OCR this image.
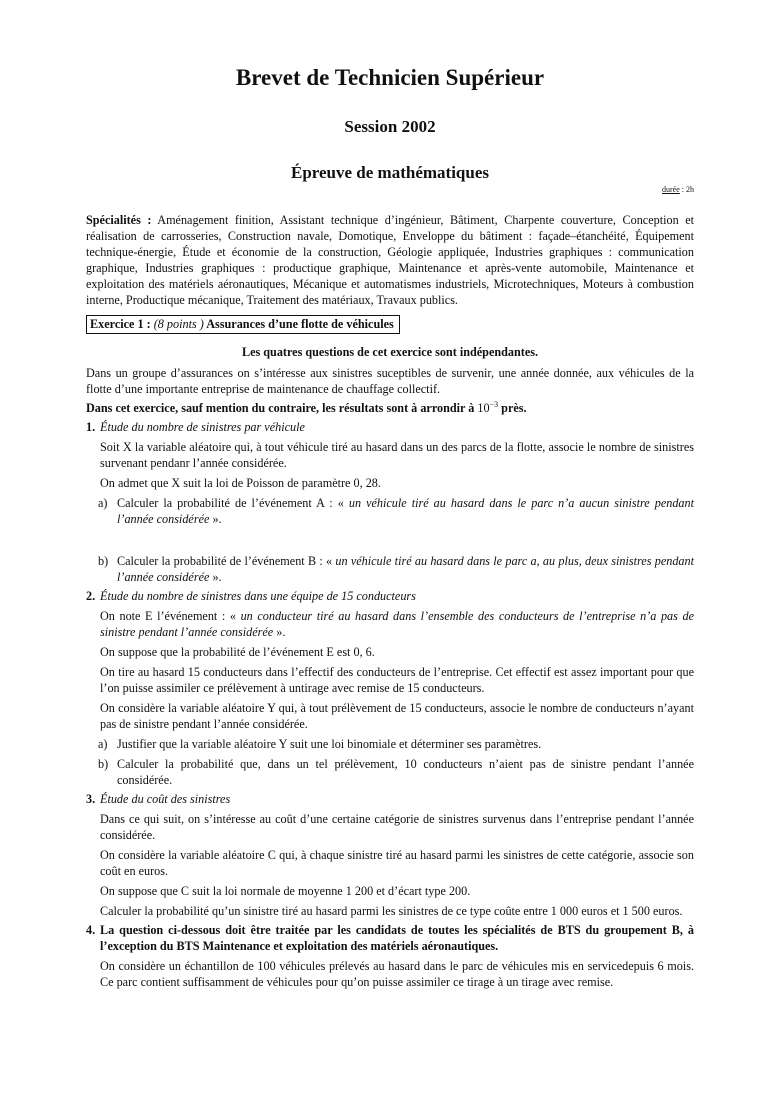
Brevet de Technicien Supérieur
Session 2002
Épreuve de mathématiques
durée : 2h

Spécialités : Aménagement finition, Assistant technique d’ingénieur, Bâtiment, Charpente couverture, Conception et réalisation de carrosseries, Construction navale, Domotique, Enveloppe du bâtiment : façade–étanchéité, Équipement technique-énergie, Étude et économie de la construction, Géologie appliquée, Industries graphiques : communication graphique, Industries graphiques : productique graphique, Maintenance et après-vente automobile, Maintenance et exploitation des matériels aéronautiques, Mécanique et automatismes industriels, Microtechniques, Moteurs à combustion interne, Productique mécanique, Traitement des matériaux, Travaux publics.

Exercice 1 : (8 points ) Assurances d’une flotte de véhicules

Les quatres questions de cet exercice sont indépendantes.

Dans un groupe d’assurances on s’intéresse aux sinistres suceptibles de survenir, une année donnée, aux véhicules de la flotte d’une importante entreprise de maintenance de chauffage collectif.

Dans cet exercice, sauf mention du contraire, les résultats sont à arrondir à $10^{-3}$ près.

1. Étude du nombre de sinistres par véhicule

Soit X la variable aléatoire qui, à tout véhicule tiré au hasard dans un des parcs de la flotte, associe le nombre de sinistres survenant pendanr l’année considérée.

On admet que X suit la loi de Poisson de paramètre 0, 28.

a) Calculer la probabilité de l’événement A : « un véhicule tiré au hasard dans le parc n’a aucun sinistre pendant l’année considérée ».

b) Calculer la probabilité de l’événement B : « un véhicule tiré au hasard dans le parc a, au plus, deux sinistres pendant l’année considérée ».

2. Étude du nombre de sinistres dans une équipe de 15 conducteurs

On note E l’événement : « un conducteur tiré au hasard dans l’ensemble des conducteurs de l’entreprise n’a pas de sinistre pendant l’année considérée ».

On suppose que la probabilité de l’événement E est 0, 6.

On tire au hasard 15 conducteurs dans l’effectif des conducteurs de l’entreprise. Cet effectif est assez important pour que l’on puisse assimiler ce prélèvement à untirage avec remise de 15 conducteurs.

On considère la variable aléatoire Y qui, à tout prélèvement de 15 conducteurs, associe le nombre de conducteurs n’ayant pas de sinistre pendant l’année considérée.

a) Justifier que la variable aléatoire Y suit une loi binomiale et déterminer ses paramètres.

b) Calculer la probabilité que, dans un tel prélèvement, 10 conducteurs n’aient pas de sinistre pendant l’année considérée.

3. Étude du coût des sinistres

Dans ce qui suit, on s’intéresse au coût d’une certaine catégorie de sinistres survenus dans l’entreprise pendant l’année considérée.

On considère la variable aléatoire C qui, à chaque sinistre tiré au hasard parmi les sinistres de cette catégorie, associe son coût en euros.

On suppose que C suit la loi normale de moyenne 1 200 et d’écart type 200.

Calculer la probabilité qu’un sinistre tiré au hasard parmi les sinistres de ce type coûte entre 1 000 euros et 1 500 euros.

4. La question ci-dessous doit être traitée par les candidats de toutes les spécialités de BTS du groupement B, à l’exception du BTS Maintenance et exploitation des matériels aéronautiques.

On considère un échantillon de 100 véhicules prélevés au hasard dans le parc de véhicules mis en servicedepuis 6 mois. Ce parc contient suffisamment de véhicules pour qu’on puisse assimiler ce tirage à un tirage avec remise.
